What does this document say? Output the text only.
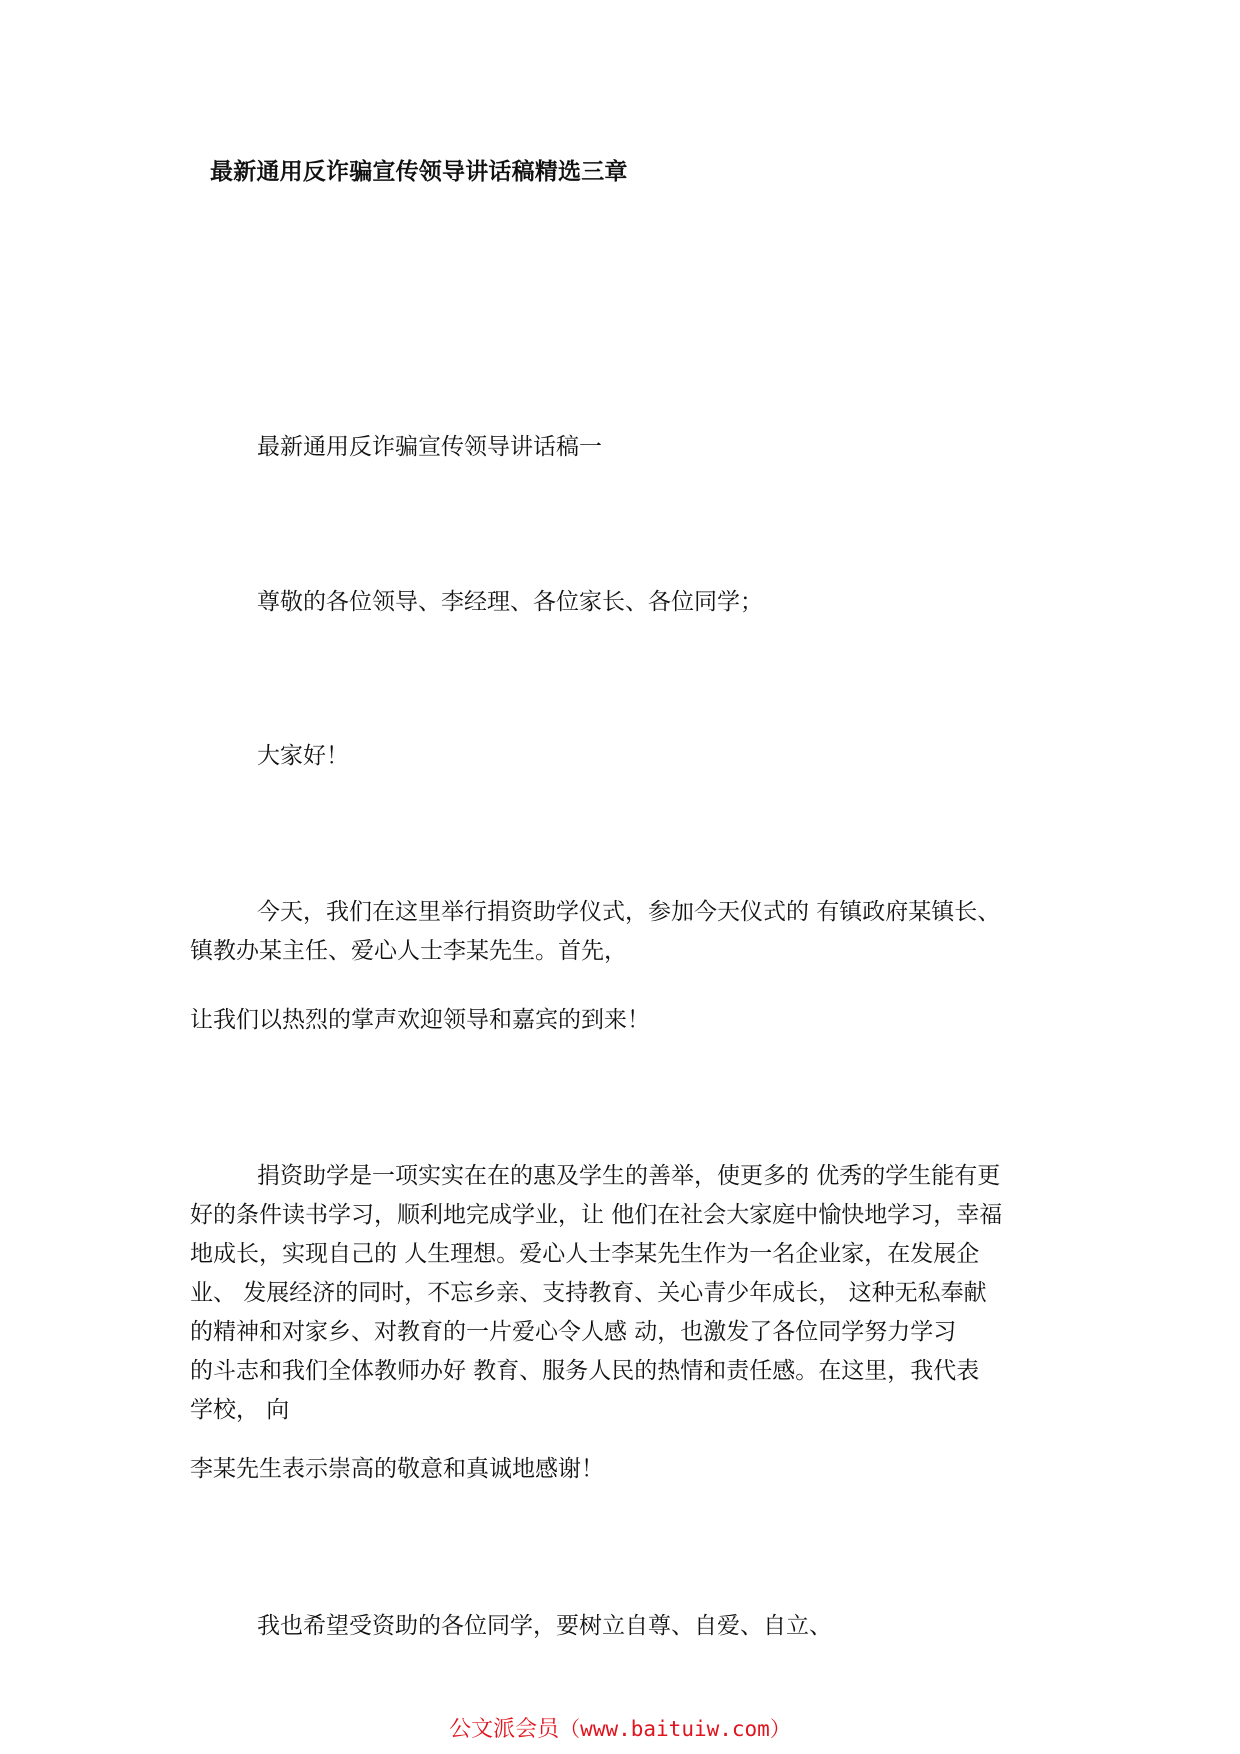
最新通用反诈骗宣传领导讲话稿精选三章
最新通用反诈骗宣传领导讲话稿一
尊敬的各位领导、李经理、各位家长、各位同学；
大家好！
今天，我们在这里举行捐资助学仪式，参加今天仪式的 有镇政府某镇长、
镇教办某主任、爱心人士李某先生。首先，
让我们以热烈的掌声欢迎领导和嘉宾的到来！
捐资助学是一项实实在在的惠及学生的善举，使更多的 优秀的学生能有更
好的条件读书学习，顺利地完成学业，让 他们在社会大家庭中愉快地学习，幸福
地成长，实现自己的 人生理想。爱心人士李某先生作为一名企业家，在发展企
业、 发展经济的同时，不忘乡亲、支持教育、关心青少年成长， 这种无私奉献
的精神和对家乡、对教育的一片爱心令人感 动，也激发了各位同学努力学习
的斗志和我们全体教师办好 教育、服务人民的热情和责任感。在这里，我代表
学校， 向
李某先生表示崇高的敬意和真诚地感谢！
我也希望受资助的各位同学，要树立自尊、自爱、自立、
公文派会员（www.baituiw.com）
